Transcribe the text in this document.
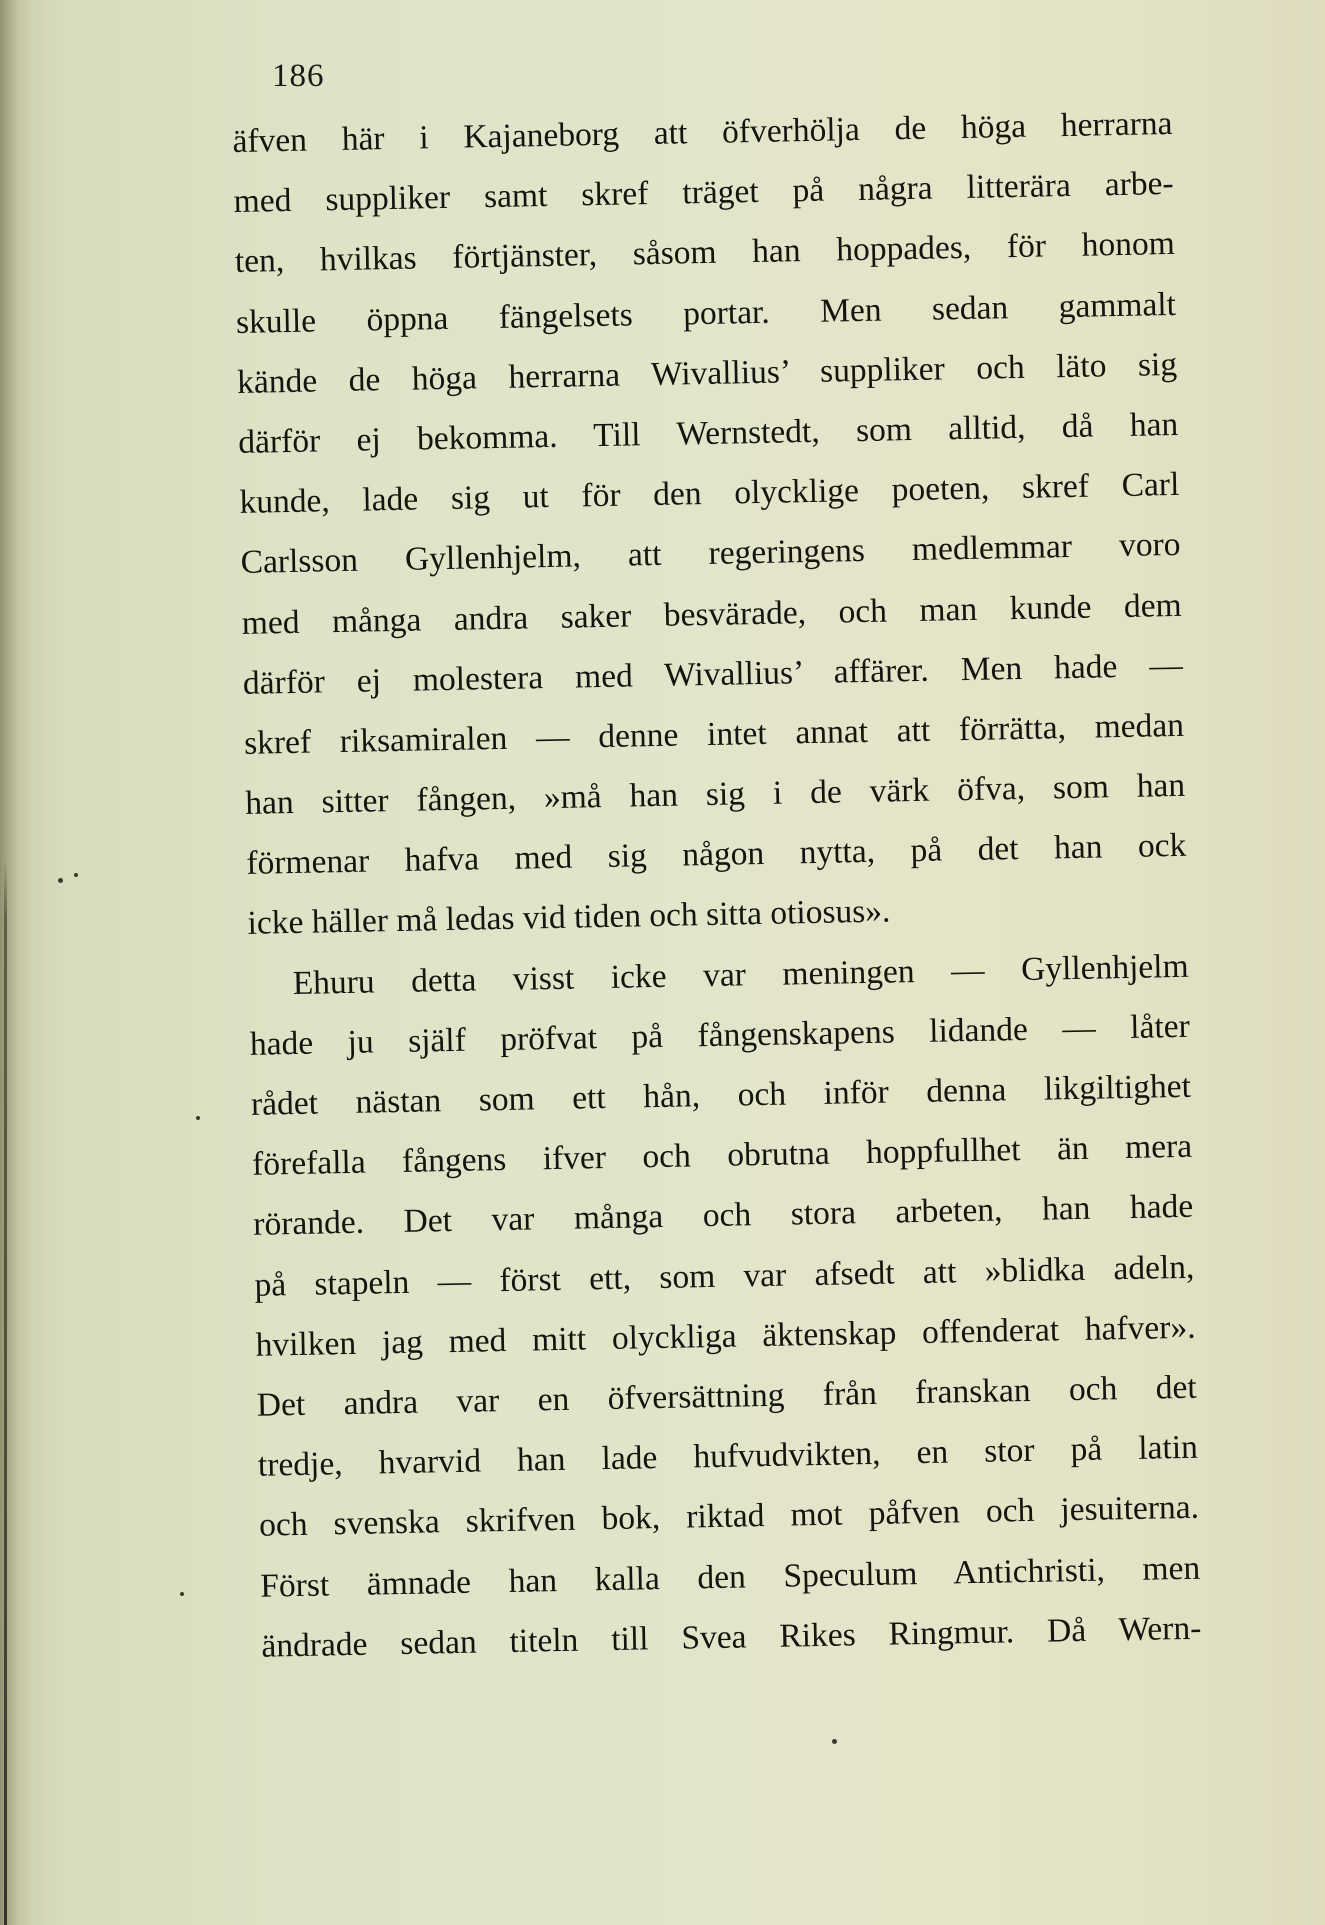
186
äfven här i Kajaneborg att öfverhölja de höga herrarna
med suppliker samt skref träget på några litterära arbe-
ten, hvilkas förtjänster, såsom han hoppades, för honom
skulle öppna fängelsets portar. Men sedan gammalt
kände de höga herrarna Wivallius’ suppliker och läto sig
därför ej bekomma. Till Wernstedt, som alltid, då han
kunde, lade sig ut för den olycklige poeten, skref Carl
Carlsson Gyllenhjelm, att regeringens medlemmar voro
med många andra saker besvärade, och man kunde dem
därför ej molestera med Wivallius’ affärer. Men hade —
skref riksamiralen — denne intet annat att förrätta, medan
han sitter fången, »må han sig i de värk öfva, som han
förmenar hafva med sig någon nytta, på det han ock
icke häller må ledas vid tiden och sitta otiosus».
Ehuru detta visst icke var meningen — Gyllenhjelm
hade ju själf pröfvat på fångenskapens lidande — låter
rådet nästan som ett hån, och inför denna likgiltighet
förefalla fångens ifver och obrutna hoppfullhet än mera
rörande. Det var många och stora arbeten, han hade
på stapeln — först ett, som var afsedt att »blidka adeln,
hvilken jag med mitt olyckliga äktenskap offenderat hafver».
Det andra var en öfversättning från franskan och det
tredje, hvarvid han lade hufvudvikten, en stor på latin
och svenska skrifven bok, riktad mot påfven och jesuiterna.
Först ämnade han kalla den Speculum Antichristi, men
ändrade sedan titeln till Svea Rikes Ringmur. Då Wern-
